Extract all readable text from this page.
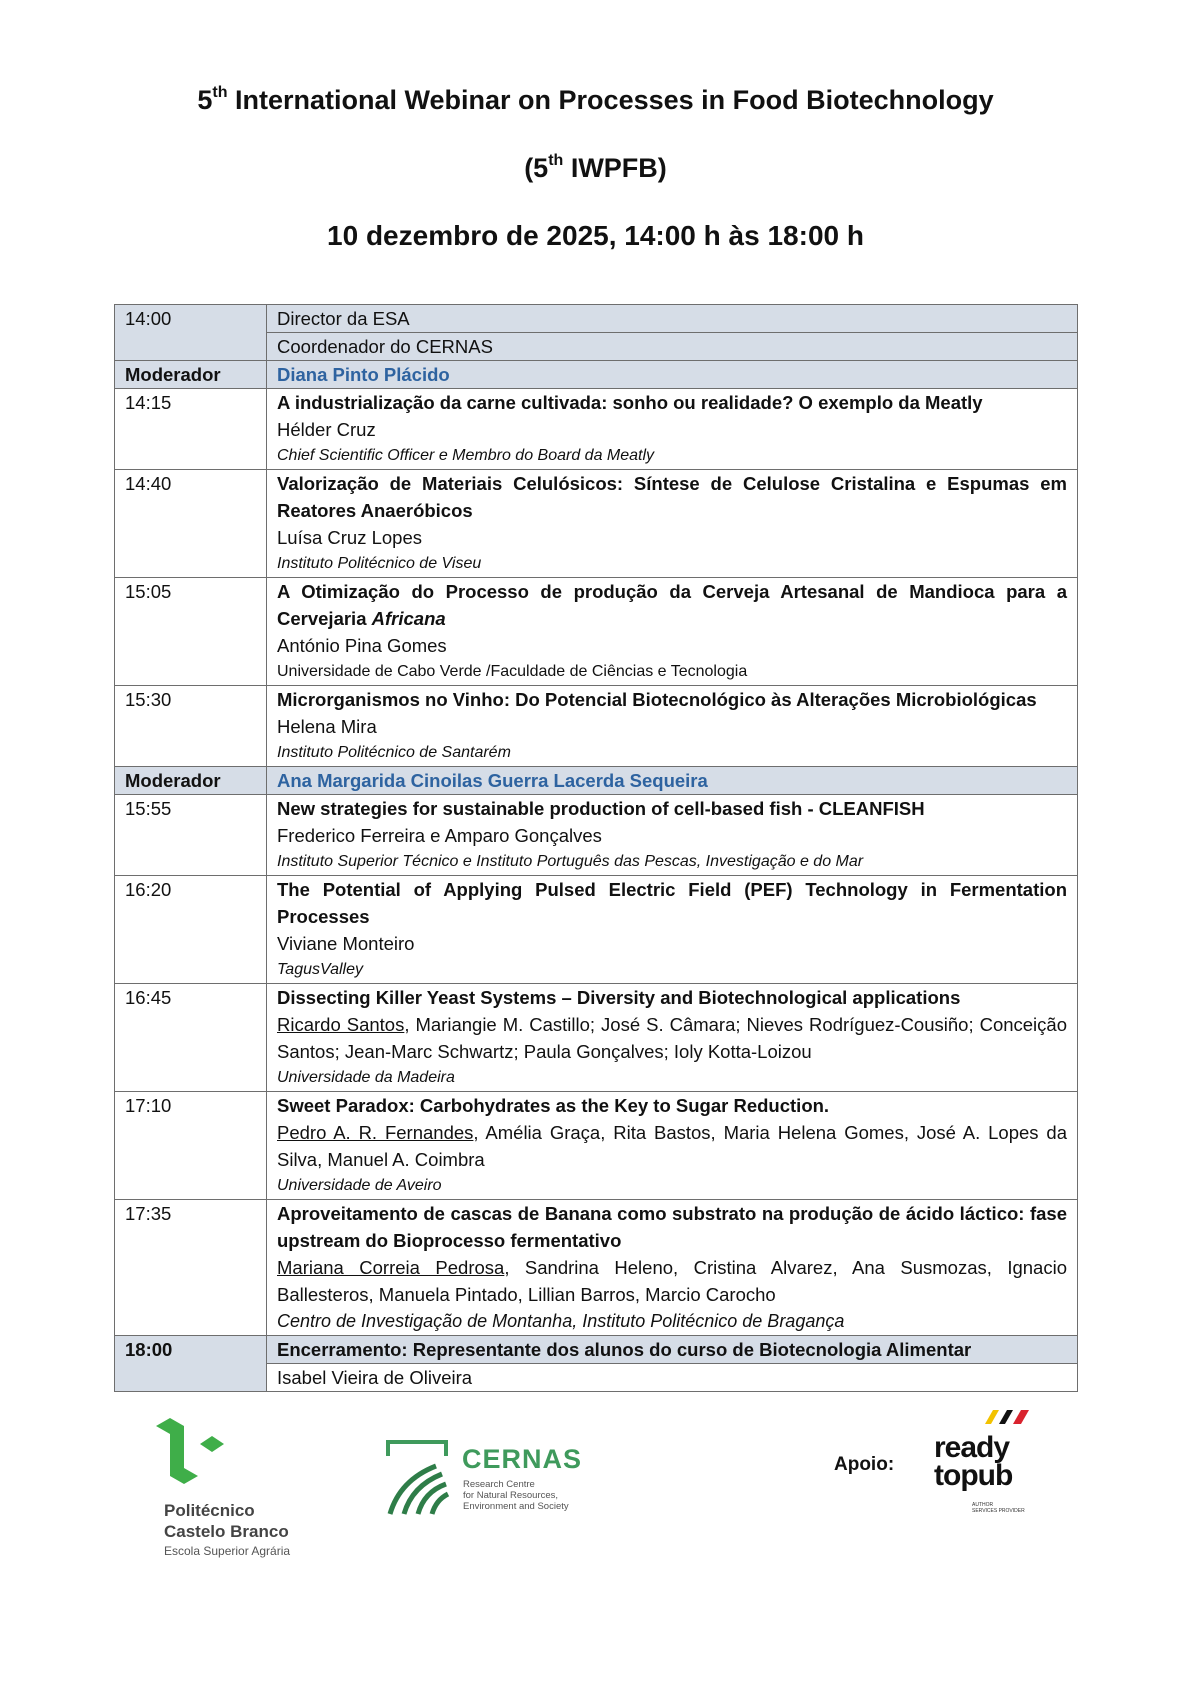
5th International Webinar on Processes in Food Biotechnology
(5th IWPFB)
10 dezembro de 2025, 14:00 h às 18:00 h
14:00	Director da ESA
	Coordenador do CERNAS
Moderador	Diana Pinto Plácido
14:15	A industrialização da carne cultivada: sonho ou realidade? O exemplo da Meatly
Hélder Cruz
Chief Scientific Officer e Membro do Board da Meatly

14:40	Valorização de Materiais Celulósicos: Síntese de Celulose Cristalina e Espumas em Reatores Anaeróbicos
Luísa Cruz Lopes
Instituto Politécnico de Viseu

15:05	A Otimização do Processo de produção da Cerveja Artesanal de Mandioca para a Cervejaria Africana
António Pina Gomes
Universidade de Cabo Verde /Faculdade de Ciências e Tecnologia

15:30	Microrganismos no Vinho: Do Potencial Biotecnológico às Alterações Microbiológicas
Helena Mira
Instituto Politécnico de Santarém

Moderador	Ana Margarida Cinoilas Guerra Lacerda Sequeira
15:55	New strategies for sustainable production of cell-based fish - CLEANFISH
Frederico Ferreira e Amparo Gonçalves
Instituto Superior Técnico e Instituto Português das Pescas, Investigação e do Mar

16:20	The Potential of Applying Pulsed Electric Field (PEF) Technology in Fermentation Processes
Viviane Monteiro
TagusValley

16:45	Dissecting Killer Yeast Systems – Diversity and Biotechnological applications
Ricardo Santos, Mariangie M. Castillo; José S. Câmara; Nieves Rodríguez-Cousiño; Conceição Santos; Jean-Marc Schwartz; Paula Gonçalves; Ioly Kotta-Loizou
Universidade da Madeira

17:10	Sweet Paradox: Carbohydrates as the Key to Sugar Reduction.
Pedro A. R. Fernandes, Amélia Graça, Rita Bastos, Maria Helena Gomes, José A. Lopes da Silva, Manuel A. Coimbra
Universidade de Aveiro

17:35	Aproveitamento de cascas de Banana como substrato na produção de ácido láctico: fase upstream do Bioprocesso fermentativo
Mariana Correia Pedrosa, Sandrina Heleno, Cristina Alvarez, Ana Susmozas, Ignacio Ballesteros, Manuela Pintado, Lillian Barros, Marcio Carocho
Centro de Investigação de Montanha, Instituto Politécnico de Bragança

18:00	Encerramento: Representante dos alunos do curso de Biotecnologia Alimentar
	Isabel Vieira de Oliveira
Politécnico
Castelo Branco
Escola Superior Agrária
CERNAS
Research Centre
for Natural Resources,
Environment and Society
Apoio:
ready
topub
AUTHOR
SERVICES PROVIDER
